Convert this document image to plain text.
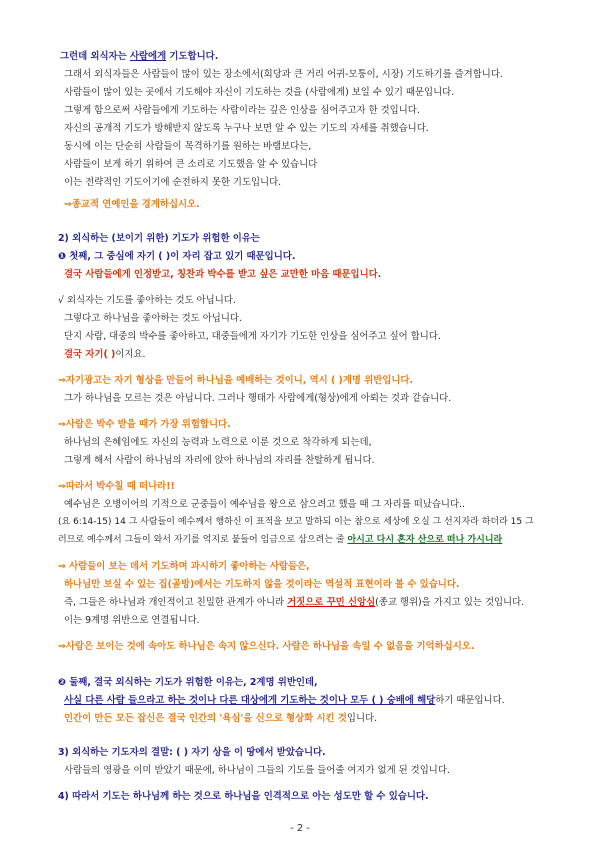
그런데 외식자는 사람에게 기도합니다.
그래서 외식자들은 사람들이 많이 있는 장소에서(회당과 큰 거리 어귀-모퉁이, 시장) 기도하기를 즐겨합니다.
사람들이 많이 있는 곳에서 기도해야 자신이 기도하는 것을 (사람에게) 보일 수 있기 때문입니다.
그렇게 함으로써 사람들에게 기도하는 사람이라는 깊은 인상을 심어주고자 한 것입니다.
자신의 공개적 기도가 방해받지 않도록 누구나 보면 알 수 있는 기도의 자세를 취했습니다.
동시에 이는 단순히 사람들이 목격하기를 원하는 바램보다는,
사람들이 보게 하기 위하여 큰 소리로 기도했음 알 수 있습니다
이는 전략적인 기도이기에 순전하지 못한 기도입니다.
⇒종교적 연예인을 경계하십시오.
2) 외식하는 (보이기 위한) 기도가 위험한 이유는
❶ 첫째, 그 중심에 자기 ( )이 자리 잡고 있기 때문입니다.
결국 사람들에게 인정받고, 칭찬과 박수를 받고 싶은 교만한 마음 때문입니다.
√ 외식자는 기도를 좋아하는 것도 아닙니다.
그렇다고 하나님을 좋아하는 것도 아닙니다.
단지 사람, 대중의 박수를 좋아하고, 대중들에게 자기가 기도한 인상을 심어주고 싶어 합니다.
결국 자기( )이지요.
⇒자기광고는 자기 형상을 만들어 하나님을 예배하는 것이니, 역시 ( )계명 위반입니다.
그가 하나님을 모르는 것은 아닙니다. 그러나 행태가 사람에게(형상)에게 아뢰는 것과 같습니다.
⇒사람은 박수 받을 때가 가장 위험합니다.
하나님의 은혜임에도 자신의 능력과 노력으로 이룬 것으로 착각하게 되는데,
그렇게 해서 사람이 하나님의 자리에 앉아 하나님의 자리를 찬탈하게 됩니다.
⇒따라서 박수칠 때 떠나라!!
예수님은 오병이어의 기적으로 군중들이 예수님을 왕으로 삼으려고 했을 때 그 자리를 떠났습니다..
(요 6:14-15) 14 그 사람들이 예수께서 행하신 이 표적을 보고 말하되 이는 참으로 세상에 오실 그 선지자라 하더라 15 그
러므로 예수께서 그들이 와서 자기를 억지로 붙들어 임금으로 삼으려는 줄 아시고 다시 혼자 산으로 떠나 가시니라
⇒ 사람들이 보는 데서 기도하며 과시하기 좋아하는 사람들은,
하나님만 보실 수 있는 집(골방)에서는 기도하지 않을 것이라는 역설적 표현이라 볼 수 있습니다.
즉, 그들은 하나님과 개인적이고 친밀한 관계가 아니라 거짓으로 꾸민 신앙심(종교 행위)을 가지고 있는 것입니다.
이는 9계명 위반으로 연결됩니다.
⇒사람은 보이는 것에 속아도 하나님은 속지 않으신다. 사람은 하나님을 속일 수 없음을 기억하십시오.
❷ 둘째, 결국 외식하는 기도가 위험한 이유는, 2계명 위반인데,
사실 다른 사람 들으라고 하는 것이나 다른 대상에게 기도하는 것이나 모두 ( ) 숭배에 해당하기 때문입니다.
인간이 만든 모든 잡신은 결국 인간의 '욕심'을 신으로 형상화 시킨 것입니다.
3) 외식하는 기도자의 결말: ( ) 자기 상을 이 땅에서 받았습니다.
사람들의 영광을 이미 받았기 때문에, 하나님이 그들의 기도를 들어줄 여지가 없게 된 것입니다.
4) 따라서 기도는 하나님께 하는 것으로 하나님을 인격적으로 아는 성도만 할 수 있습니다.
- 2 -
